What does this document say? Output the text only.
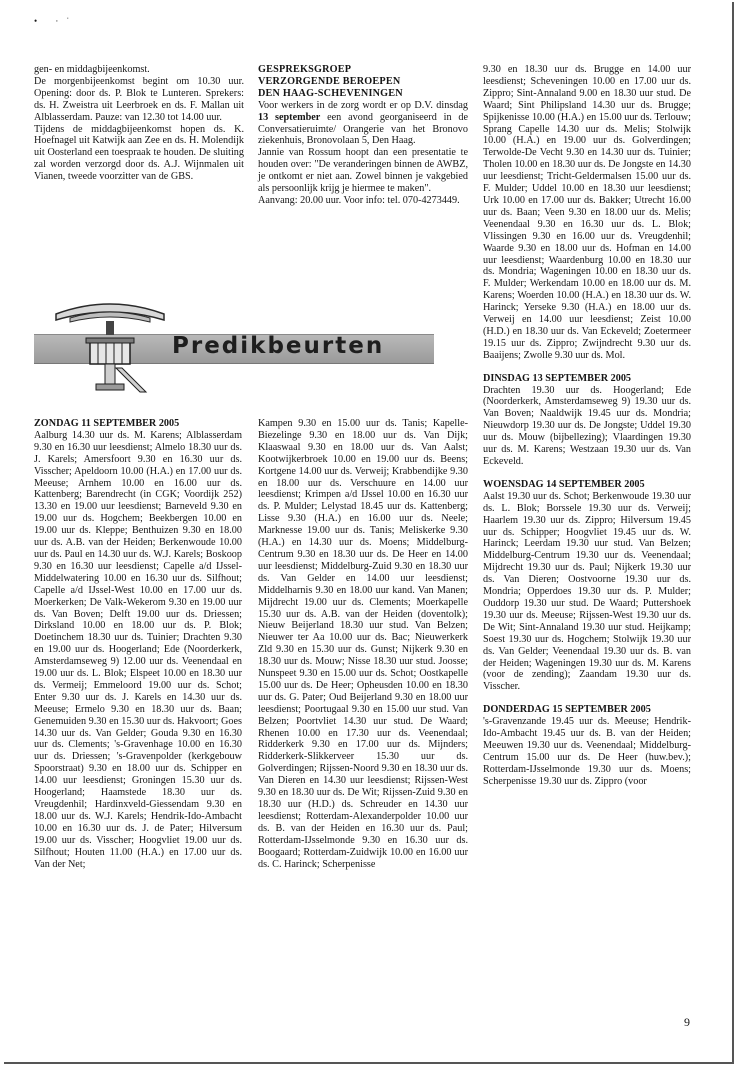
• ·ˈ

gen- en middagbijeenkomst.

De morgenbijeenkomst begint om 10.30 uur. Opening: door ds. P. Blok te Lunteren. Sprekers: ds. H. Zweistra uit Leerbroek en ds. F. Mallan uit Alblasserdam. Pauze: van 12.30 tot 14.00 uur.

Tijdens de middagbijeenkomst hopen ds. K. Hoefnagel uit Katwijk aan Zee en ds. H. Molendijk uit Oosterland een toespraak te houden. De sluiting zal worden verzorgd door ds. A.J. Wijnmalen uit Vianen, tweede voorzitter van de GBS.

GESPREKSGROEP

VERZORGENDE BEROEPEN

DEN HAAG-SCHEVENINGEN

Voor werkers in de zorg wordt er op D.V. dinsdag 13 september een avond georganiseerd in de Conversatieruimte/ Orangerie van het Bronovo ziekenhuis, Bronovolaan 5, Den Haag.

Jannie van Rossum hoopt dan een presentatie te houden over: "De veranderingen binnen de AWBZ, je ontkomt er niet aan. Zowel binnen je vakgebied als persoonlijk krijg je hiermee te maken".

Aanvang: 20.00 uur. Voor info: tel. 070-4273449.

Predikbeurten

ZONDAG 11 SEPTEMBER 2005

Aalburg 14.30 uur ds. M. Karens; Alblasserdam 9.30 en 16.30 uur leesdienst; Almelo 18.30 uur ds. J. Karels; Amersfoort 9.30 en 16.30 uur ds. Visscher; Apeldoorn 10.00 (H.A.) en 17.00 uur ds. Meeuse; Arnhem 10.00 en 16.00 uur ds. Kattenberg; Barendrecht (in CGK; Voordijk 252) 13.30 en 19.00 uur leesdienst; Barneveld 9.30 en 19.00 uur ds. Hogchem; Beekbergen 10.00 en 19.00 uur ds. Kleppe; Benthuizen 9.30 en 18.00 uur ds. A.B. van der Heiden; Berkenwoude 10.00 uur ds. Paul en 14.30 uur ds. W.J. Karels; Boskoop 9.30 en 16.30 uur leesdienst; Capelle a/d IJssel-Middelwatering 10.00 en 16.30 uur ds. Silfhout; Capelle a/d IJssel-West 10.00 en 17.00 uur ds. Moerkerken; De Valk-Wekerom 9.30 en 19.00 uur ds. Van Boven; Delft 19.00 uur ds. Driessen; Dirksland 10.00 en 18.00 uur ds. P. Blok; Doetinchem 18.30 uur ds. Tuinier; Drachten 9.30 en 19.00 uur ds. Hoogerland; Ede (Noorderkerk, Amsterdamseweg 9) 12.00 uur ds. Veenendaal en 19.00 uur ds. L. Blok; Elspeet 10.00 en 18.30 uur ds. Vermeij; Emmeloord 19.00 uur ds. Schot; Enter 9.30 uur ds. J. Karels en 14.30 uur ds. Meeuse; Ermelo 9.30 en 18.30 uur ds. Baan; Genemuiden 9.30 en 15.30 uur ds. Hakvoort; Goes 14.30 uur ds. Van Gelder; Gouda 9.30 en 16.30 uur ds. Clements; 's-Gravenhage 10.00 en 16.30 uur ds. Driessen; 's-Gravenpolder (kerkgebouw Spoorstraat) 9.30 en 18.00 uur ds. Schipper en 14.00 uur leesdienst; Groningen 15.30 uur ds. Hoogerland; Haamstede 18.30 uur ds. Vreugdenhil; Hardinxveld-Giessendam 9.30 en 18.00 uur ds. W.J. Karels; Hendrik-Ido-Ambacht 10.00 en 16.30 uur ds. J. de Pater; Hilversum 19.00 uur ds. Visscher; Hoogvliet 19.00 uur ds. Silfhout; Houten 11.00 (H.A.) en 17.00 uur ds. Van der Net;

Kampen 9.30 en 15.00 uur ds. Tanis; Kapelle-Biezelinge 9.30 en 18.00 uur ds. Van Dijk; Klaaswaal 9.30 en 18.00 uur ds. Van Aalst; Kootwijkerbroek 10.00 en 19.00 uur ds. Beens; Kortgene 14.00 uur ds. Verweij; Krabbendijke 9.30 en 18.00 uur ds. Verschuure en 14.00 uur leesdienst; Krimpen a/d IJssel 10.00 en 16.30 uur ds. P. Mulder; Lelystad 18.45 uur ds. Kattenberg; Lisse 9.30 (H.A.) en 16.00 uur ds. Neele; Marknesse 19.00 uur ds. Tanis; Meliskerke 9.30 (H.A.) en 14.30 uur ds. Moens; Middelburg-Centrum 9.30 en 18.30 uur ds. De Heer en 14.00 uur leesdienst; Middelburg-Zuid 9.30 en 18.30 uur ds. Van Gelder en 14.00 uur leesdienst; Middelharnis 9.30 en 18.00 uur kand. Van Manen; Mijdrecht 19.00 uur ds. Clements; Moerkapelle 15.30 uur ds. A.B. van der Heiden (doventolk); Nieuw Beijerland 18.30 uur stud. Van Belzen; Nieuwer ter Aa 10.00 uur ds. Bac; Nieuwerkerk Zld 9.30 en 15.30 uur ds. Gunst; Nijkerk 9.30 en 18.30 uur ds. Mouw; Nisse 18.30 uur stud. Joosse; Nunspeet 9.30 en 15.00 uur ds. Schot; Oostkapelle 15.00 uur ds. De Heer; Opheusden 10.00 en 18.30 uur ds. G. Pater; Oud Beijerland 9.30 en 18.00 uur leesdienst; Poortugaal 9.30 en 15.00 uur stud. Van Belzen; Poortvliet 14.30 uur stud. De Waard; Rhenen 10.00 en 17.30 uur ds. Veenendaal; Ridderkerk 9.30 en 17.00 uur ds. Mijnders; Ridderkerk-Slikkerveer 15.30 uur ds. Golverdingen; Rijssen-Noord 9.30 en 18.30 uur ds. Van Dieren en 14.30 uur leesdienst; Rijssen-West 9.30 en 18.30 uur ds. De Wit; Rijssen-Zuid 9.30 en 18.30 uur (H.D.) ds. Schreuder en 14.30 uur leesdienst; Rotterdam-Alexanderpolder 10.00 uur ds. B. van der Heiden en 16.30 uur ds. Paul; Rotterdam-IJsselmonde 9.30 en 16.30 uur ds. Boogaard; Rotterdam-Zuidwijk 10.00 en 16.00 uur ds. C. Harinck; Scherpenisse

9.30 en 18.30 uur ds. Brugge en 14.00 uur leesdienst; Scheveningen 10.00 en 17.00 uur ds. Zippro; Sint-Annaland 9.00 en 18.30 uur stud. De Waard; Sint Philipsland 14.30 uur ds. Brugge; Spijkenisse 10.00 (H.A.) en 15.00 uur ds. Terlouw; Sprang Capelle 14.30 uur ds. Melis; Stolwijk 10.00 (H.A.) en 19.00 uur ds. Golverdingen; Terwolde-De Vecht 9.30 en 14.30 uur ds. Tuinier; Tholen 10.00 en 18.30 uur ds. De Jongste en 14.30 uur leesdienst; Tricht-Geldermalsen 15.00 uur ds. F. Mulder; Uddel 10.00 en 18.30 uur leesdienst; Urk 10.00 en 17.00 uur ds. Bakker; Utrecht 16.00 uur ds. Baan; Veen 9.30 en 18.00 uur ds. Melis; Veenendaal 9.30 en 16.30 uur ds. L. Blok; Vlissingen 9.30 en 16.00 uur ds. Vreugdenhil; Waarde 9.30 en 18.00 uur ds. Hofman en 14.00 uur leesdienst; Waardenburg 10.00 en 18.30 uur ds. Mondria; Wageningen 10.00 en 18.30 uur ds. F. Mulder; Werkendam 10.00 en 18.00 uur ds. M. Karens; Woerden 10.00 (H.A.) en 18.30 uur ds. W. Harinck; Yerseke 9.30 (H.A.) en 18.00 uur ds. Verweij en 14.00 uur leesdienst; Zeist 10.00 (H.D.) en 18.30 uur ds. Van Eckeveld; Zoetermeer 19.15 uur ds. Zippro; Zwijndrecht 9.30 uur ds. Baaijens; Zwolle 9.30 uur ds. Mol.

DINSDAG 13 SEPTEMBER 2005

Drachten 19.30 uur ds. Hoogerland; Ede (Noorderkerk, Amsterdamseweg 9) 19.30 uur ds. Van Boven; Naaldwijk 19.45 uur ds. Mondria; Nieuwdorp 19.30 uur ds. De Jongste; Uddel 19.30 uur ds. Mouw (bijbellezing); Vlaardingen 19.30 uur ds. M. Karens; Westzaan 19.30 uur ds. Van Eckeveld.

WOENSDAG 14 SEPTEMBER 2005

Aalst 19.30 uur ds. Schot; Berkenwoude 19.30 uur ds. L. Blok; Borssele 19.30 uur ds. Verweij; Haarlem 19.30 uur ds. Zippro; Hilversum 19.45 uur ds. Schipper; Hoogvliet 19.45 uur ds. W. Harinck; Leerdam 19.30 uur stud. Van Belzen; Middelburg-Centrum 19.30 uur ds. Veenendaal; Mijdrecht 19.30 uur ds. Paul; Nijkerk 19.30 uur ds. Van Dieren; Oostvoorne 19.30 uur ds. Mondria; Opperdoes 19.30 uur ds. P. Mulder; Ouddorp 19.30 uur stud. De Waard; Puttershoek 19.30 uur ds. Meeuse; Rijssen-West 19.30 uur ds. De Wit; Sint-Annaland 19.30 uur stud. Heijkamp; Soest 19.30 uur ds. Hogchem; Stolwijk 19.30 uur ds. Van Gelder; Veenendaal 19.30 uur ds. B. van der Heiden; Wageningen 19.30 uur ds. M. Karens (voor de zending); Zaandam 19.30 uur ds. Visscher.

DONDERDAG 15 SEPTEMBER 2005

's-Gravenzande 19.45 uur ds. Meeuse; Hendrik-Ido-Ambacht 19.45 uur ds. B. van der Heiden; Meeuwen 19.30 uur ds. Veenendaal; Middelburg-Centrum 15.00 uur ds. De Heer (huw.bev.); Rotterdam-IJsselmonde 19.30 uur ds. Moens; Scherpenisse 19.30 uur ds. Zippro (voor

9
